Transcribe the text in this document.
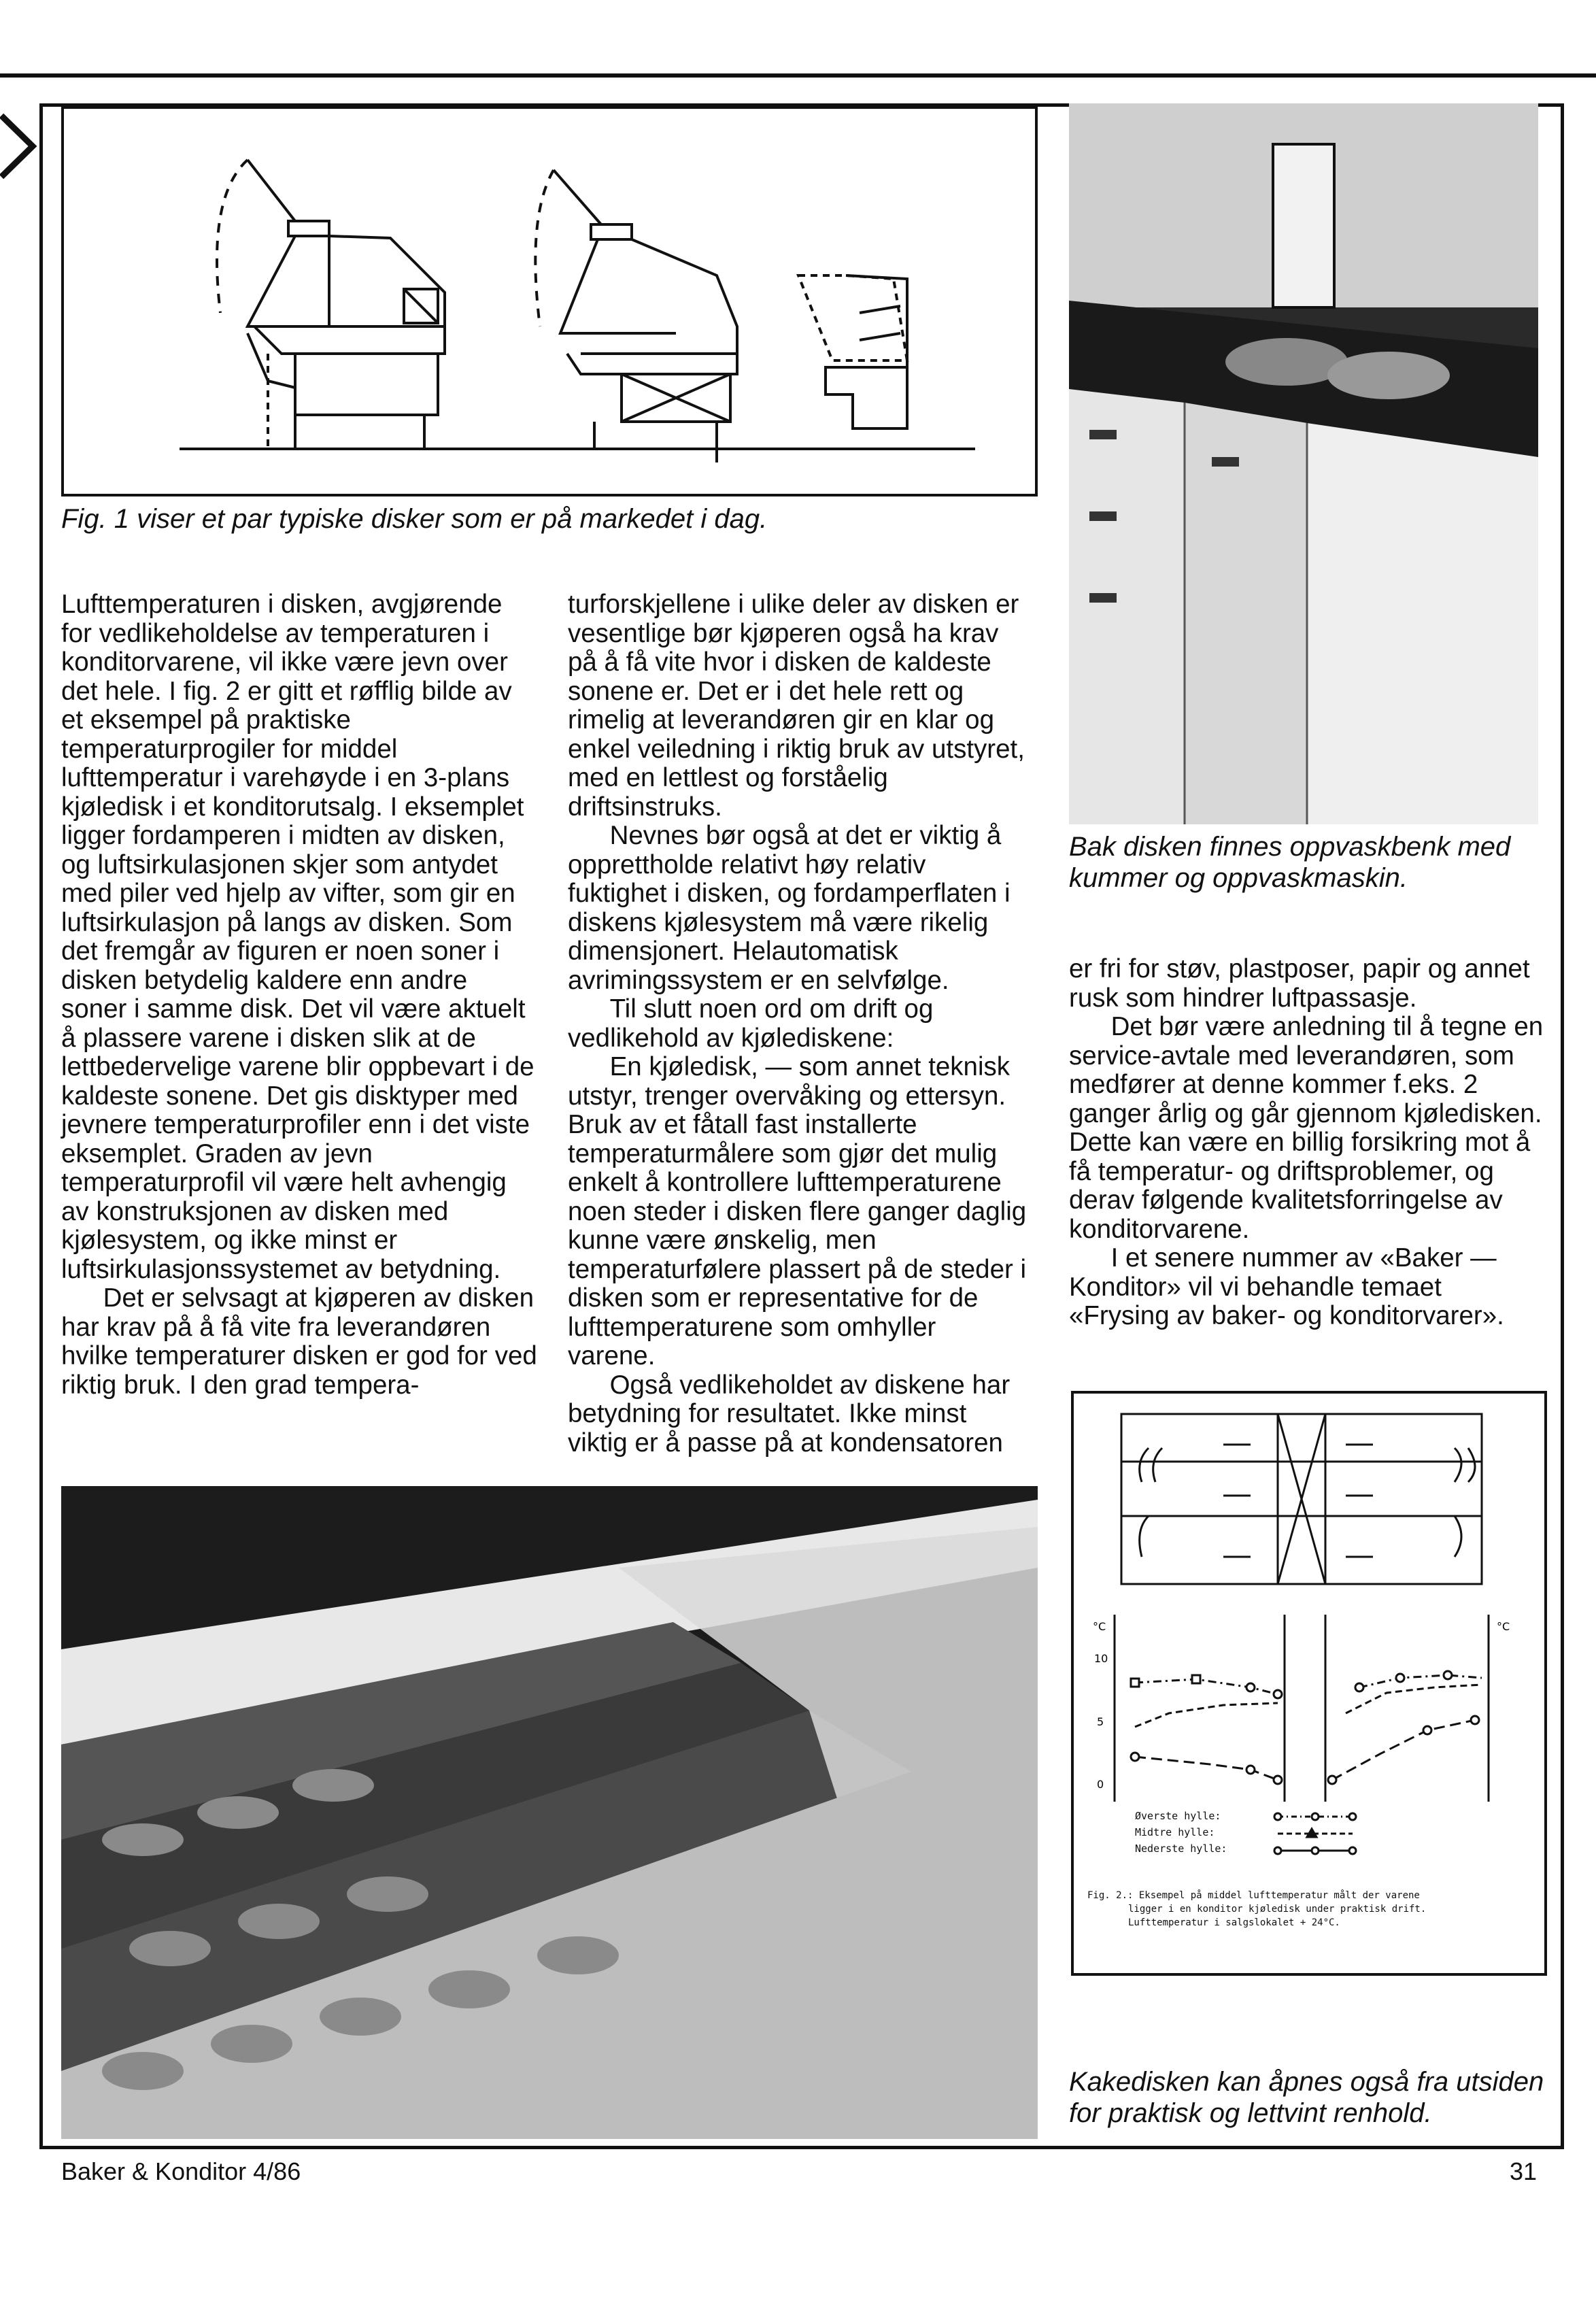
Fig. 1 viser et par typiske disker som er på markedet i dag.

Lufttemperaturen i disken, avgjørende for vedlikeholdelse av temperaturen i konditorvarene, vil ikke være jevn over det hele. I fig. 2 er gitt et røfflig bilde av et eksempel på praktiske temperaturprogiler for middel lufttemperatur i varehøyde i en 3-plans kjøledisk i et konditorutsalg. I eksemplet ligger fordamperen i midten av disken, og luftsirkulasjonen skjer som antydet med piler ved hjelp av vifter, som gir en luftsirkulasjon på langs av disken. Som det fremgår av figuren er noen soner i disken betydelig kaldere enn andre soner i samme disk. Det vil være aktuelt å plassere varene i disken slik at de lettbedervelige varene blir oppbevart i de kaldeste sonene. Det gis disktyper med jevnere temperaturprofiler enn i det viste eksemplet. Graden av jevn temperaturprofil vil være helt avhengig av konstruksjonen av disken med kjølesystem, og ikke minst er luftsirkulasjonssystemet av betydning.

Det er selvsagt at kjøperen av disken har krav på å få vite fra leverandøren hvilke temperaturer disken er god for ved riktig bruk. I den grad tempera-

turforskjellene i ulike deler av disken er vesentlige bør kjøperen også ha krav på å få vite hvor i disken de kaldeste sonene er. Det er i det hele rett og rimelig at leverandøren gir en klar og enkel veiledning i riktig bruk av utstyret, med en lettlest og forståelig driftsinstruks.

Nevnes bør også at det er viktig å opprettholde relativt høy relativ fuktighet i disken, og fordamperflaten i diskens kjølesystem må være rikelig dimensjonert. Helautomatisk avrimingssystem er en selvfølge.

Til slutt noen ord om drift og vedlikehold av kjølediskene:

En kjøledisk, — som annet teknisk utstyr, trenger overvåking og ettersyn. Bruk av et fåtall fast installerte temperaturmålere som gjør det mulig enkelt å kontrollere lufttemperaturene noen steder i disken flere ganger daglig kunne være ønskelig, men temperaturfølere plassert på de steder i disken som er representative for de lufttemperaturene som omhyller varene.

Også vedlikeholdet av diskene har betydning for resultatet. Ikke minst viktig er å passe på at kondensatoren

Bak disken finnes oppvaskbenk med kummer og oppvaskmaskin.

er fri for støv, plastposer, papir og annet rusk som hindrer luftpassasje.

Det bør være anledning til å tegne en service-avtale med leverandøren, som medfører at denne kommer f.eks. 2 ganger årlig og går gjennom kjøledisken. Dette kan være en billig forsikring mot å få temperatur- og driftsproblemer, og derav følgende kvalitetsforringelse av konditorvarene.

I et senere nummer av «Baker — Konditor» vil vi behandle temaet «Frysing av baker- og konditorvarer».

°C	°C
10
5
0
Øverste hylle:
Midtre hylle:
Nederste hylle:
Fig. 2.: Eksempel på middel lufttemperatur målt der varene
ligger i en konditor kjøledisk under praktisk drift.
Lufttemperatur i salgslokalet + 24°C.
Kakedisken kan åpnes også fra utsiden for praktisk og lettvint renhold.
Baker & Konditor 4/86	31
